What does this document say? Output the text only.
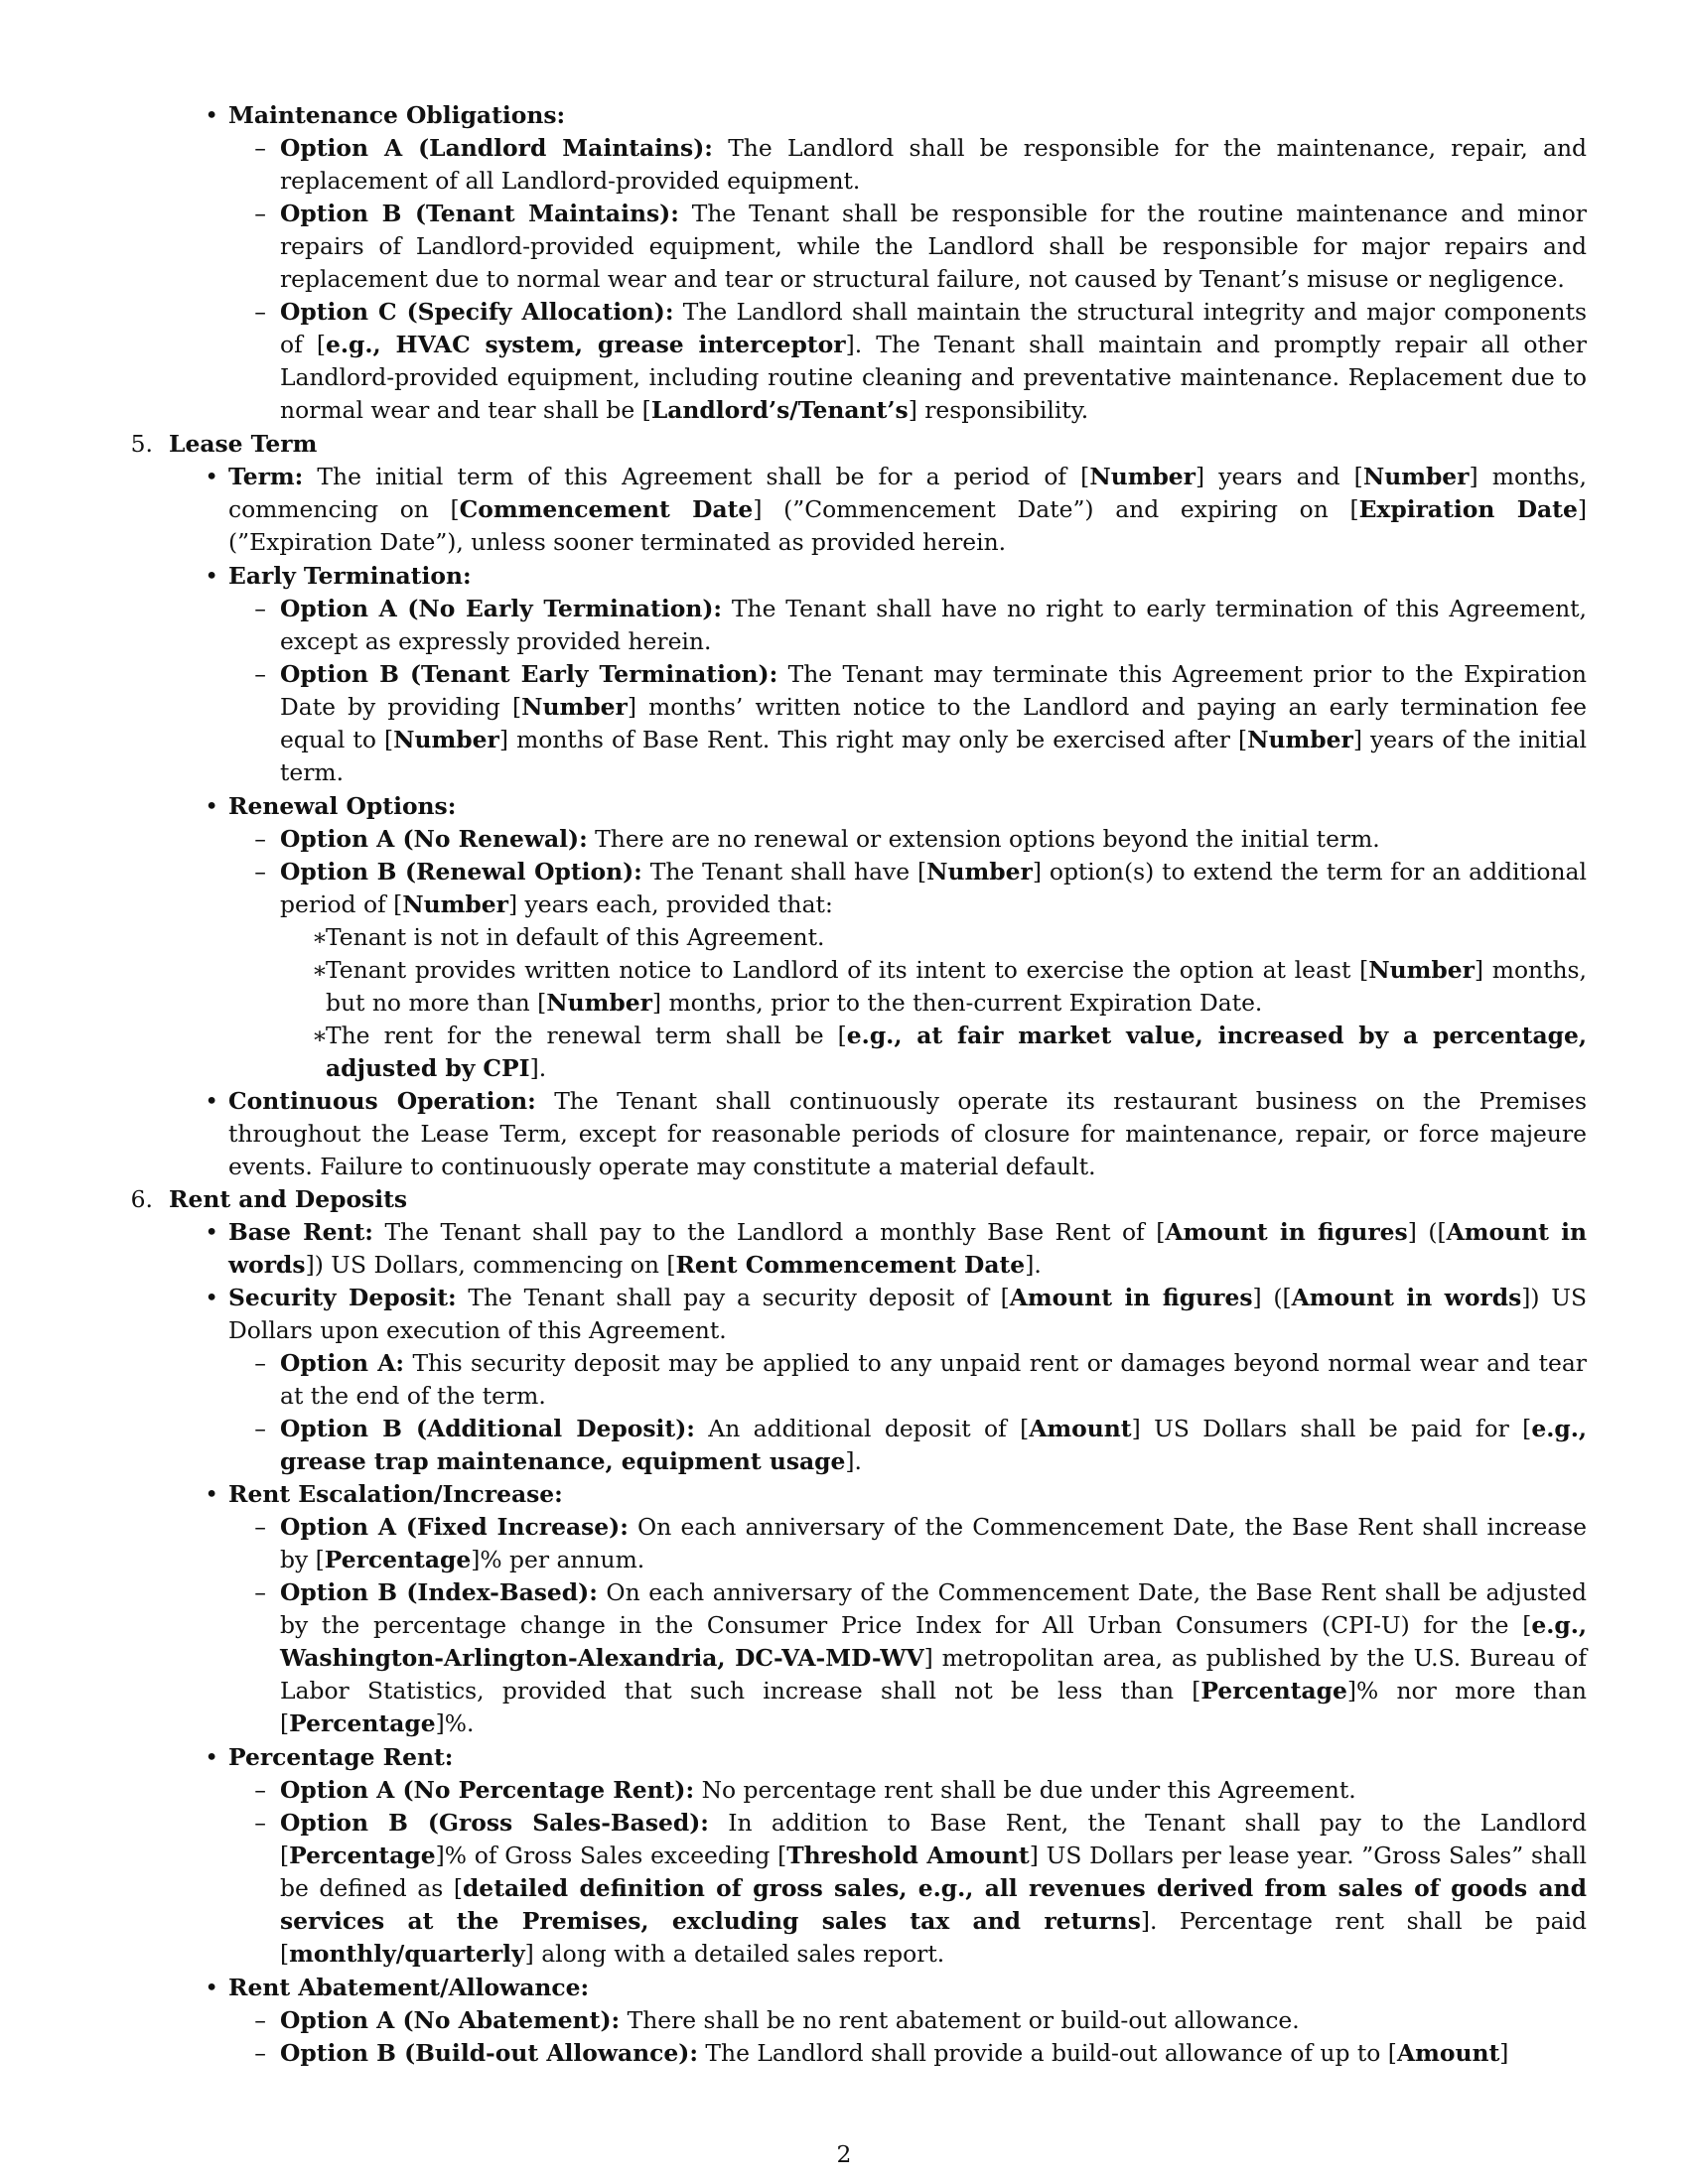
• Maintenance Obligations:
– Option A (Landlord Maintains): The Landlord shall be responsible for the maintenance, repair, and replacement of all Landlord-provided equipment.
– Option B (Tenant Maintains): The Tenant shall be responsible for the routine maintenance and minor repairs of Landlord-provided equipment, while the Landlord shall be responsible for major repairs and replacement due to normal wear and tear or structural failure, not caused by Tenant’s misuse or negligence.
– Option C (Specify Allocation): The Landlord shall maintain the structural integrity and major components of [e.g., HVAC system, grease interceptor]. The Tenant shall maintain and promptly repair all other Landlord-provided equipment, including routine cleaning and preventative maintenance. Replacement due to normal wear and tear shall be [Landlord’s/Tenant’s] responsibility.
5. Lease Term
• Term: The initial term of this Agreement shall be for a period of [Number] years and [Number] months, commencing on [Commencement Date] (”Commencement Date”) and expiring on [Expiration Date] (”Expiration Date”), unless sooner terminated as provided herein.
• Early Termination:
– Option A (No Early Termination): The Tenant shall have no right to early termination of this Agreement, except as expressly provided herein.
– Option B (Tenant Early Termination): The Tenant may terminate this Agreement prior to the Expiration Date by providing [Number] months’ written notice to the Landlord and paying an early termination fee equal to [Number] months of Base Rent. This right may only be exercised after [Number] years of the initial term.
• Renewal Options:
– Option A (No Renewal): There are no renewal or extension options beyond the initial term.
– Option B (Renewal Option): The Tenant shall have [Number] option(s) to extend the term for an additional period of [Number] years each, provided that:
∗
Tenant is not in default of this Agreement.
∗
Tenant provides written notice to Landlord of its intent to exercise the option at least [Number] months, but no more than [Number] months, prior to the then-current Expiration Date.
∗
The rent for the renewal term shall be [e.g., at fair market value, increased by a percentage, adjusted by CPI].
• Continuous Operation: The Tenant shall continuously operate its restaurant business on the Premises throughout the Lease Term, except for reasonable periods of closure for maintenance, repair, or force majeure events. Failure to continuously operate may constitute a material default.
6. Rent and Deposits
• Base Rent: The Tenant shall pay to the Landlord a monthly Base Rent of [Amount in figures] ([Amount in words]) US Dollars, commencing on [Rent Commencement Date].
• Security Deposit: The Tenant shall pay a security deposit of [Amount in figures] ([Amount in words]) US Dollars upon execution of this Agreement.
– Option A: This security deposit may be applied to any unpaid rent or damages beyond normal wear and tear at the end of the term.
– Option B (Additional Deposit): An additional deposit of [Amount] US Dollars shall be paid for [e.g., grease trap maintenance, equipment usage].
• Rent Escalation/Increase:
– Option A (Fixed Increase): On each anniversary of the Commencement Date, the Base Rent shall increase by [Percentage]% per annum.
– Option B (Index-Based): On each anniversary of the Commencement Date, the Base Rent shall be adjusted by the percentage change in the Consumer Price Index for All Urban Consumers (CPI-U) for the [e.g., Washington-Arlington-Alexandria, DC-VA-MD-WV] metropolitan area, as published by the U.S. Bureau of Labor Statistics, provided that such increase shall not be less than [Percentage]% nor more than [Percentage]%.
• Percentage Rent:
– Option A (No Percentage Rent): No percentage rent shall be due under this Agreement.
– Option B (Gross Sales-Based): In addition to Base Rent, the Tenant shall pay to the Landlord [Percentage]% of Gross Sales exceeding [Threshold Amount] US Dollars per lease year. ”Gross Sales” shall be defined as [detailed definition of gross sales, e.g., all revenues derived from sales of goods and services at the Premises, excluding sales tax and returns]. Percentage rent shall be paid [monthly/quarterly] along with a detailed sales report.
• Rent Abatement/Allowance:
– Option A (No Abatement): There shall be no rent abatement or build-out allowance.
– Option B (Build-out Allowance): The Landlord shall provide a build-out allowance of up to [Amount]
2
